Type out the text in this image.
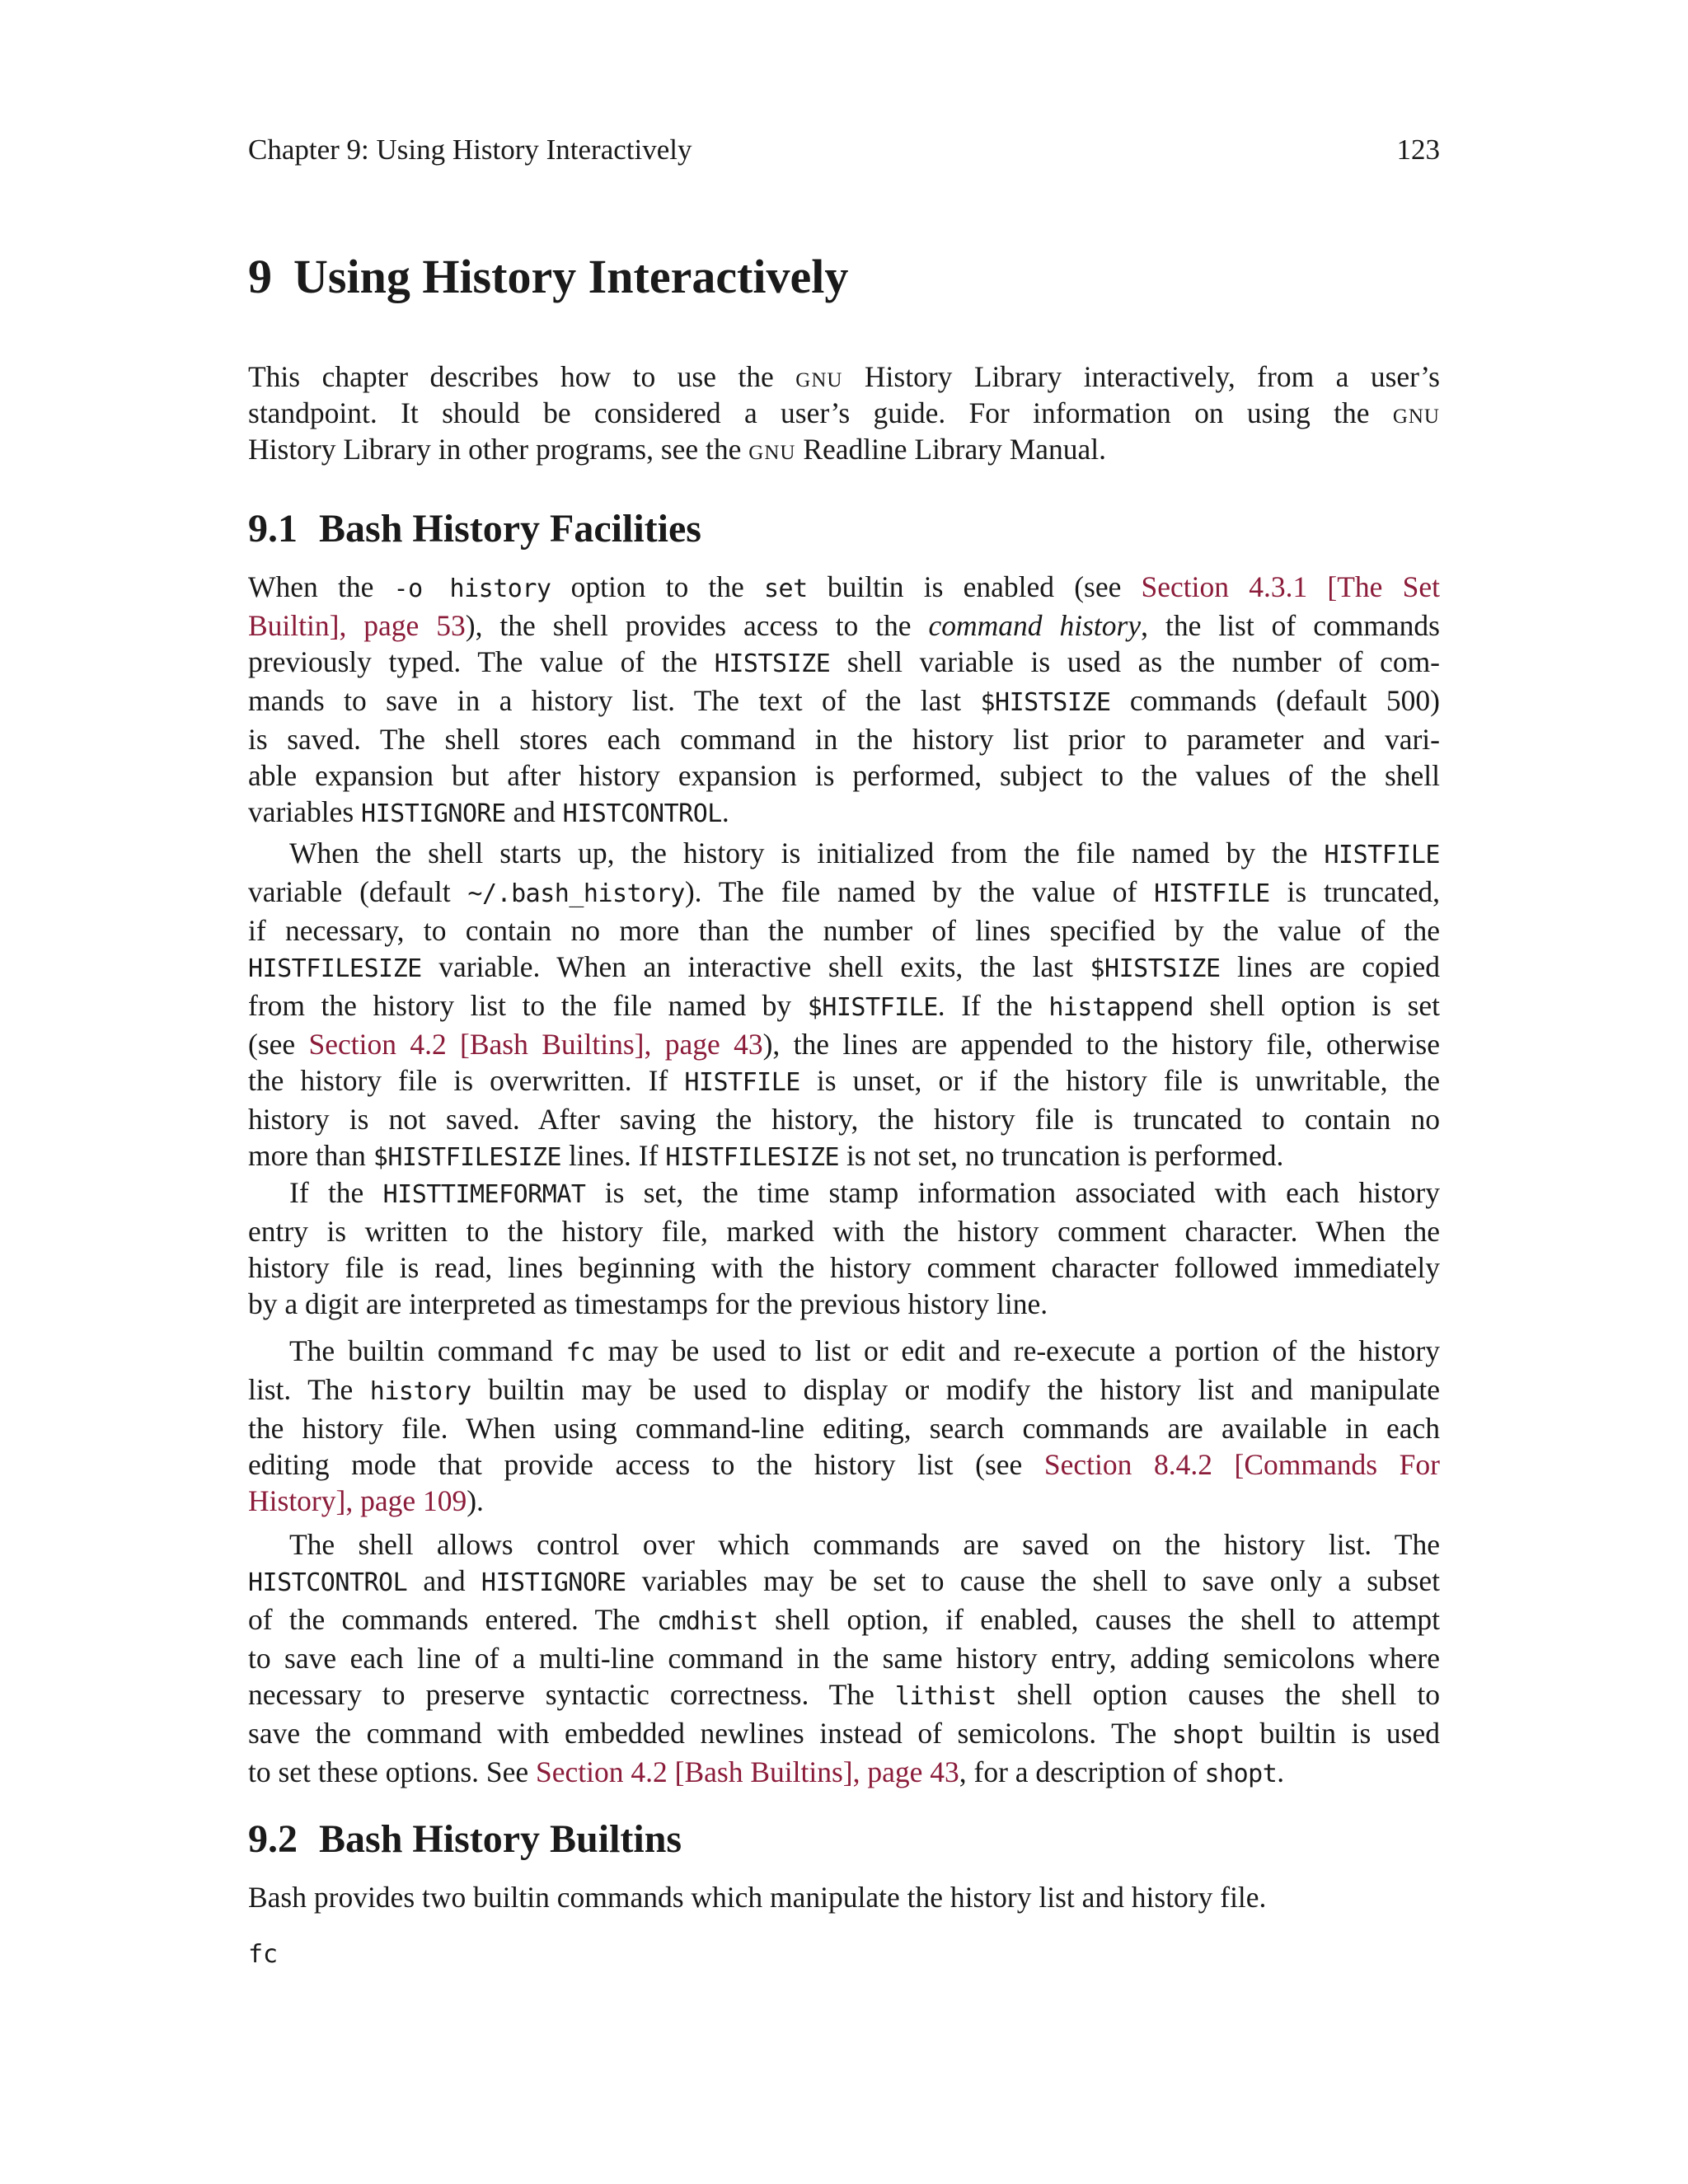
Chapter 9: Using History Interactively	123
9 Using History Interactively
This chapter describes how to use the gnu History Library interactively, from a user’s
standpoint. It should be considered a user’s guide. For information on using the gnu
History Library in other programs, see the gnu Readline Library Manual.
9.1 Bash History Facilities
When the -o history option to the set builtin is enabled (see Section 4.3.1 [The Set
Builtin], page 53), the shell provides access to the command history, the list of commands
previously typed. The value of the HISTSIZE shell variable is used as the number of com-
mands to save in a history list. The text of the last $HISTSIZE commands (default 500)
is saved. The shell stores each command in the history list prior to parameter and vari-
able expansion but after history expansion is performed, subject to the values of the shell
variables HISTIGNORE and HISTCONTROL.
When the shell starts up, the history is initialized from the file named by the HISTFILE
variable (default ~/.bash_history). The file named by the value of HISTFILE is truncated,
if necessary, to contain no more than the number of lines specified by the value of the
HISTFILESIZE variable. When an interactive shell exits, the last $HISTSIZE lines are copied
from the history list to the file named by $HISTFILE. If the histappend shell option is set
(see Section 4.2 [Bash Builtins], page 43), the lines are appended to the history file, otherwise
the history file is overwritten. If HISTFILE is unset, or if the history file is unwritable, the
history is not saved. After saving the history, the history file is truncated to contain no
more than $HISTFILESIZE lines. If HISTFILESIZE is not set, no truncation is performed.
If the HISTTIMEFORMAT is set, the time stamp information associated with each history
entry is written to the history file, marked with the history comment character. When the
history file is read, lines beginning with the history comment character followed immediately
by a digit are interpreted as timestamps for the previous history line.
The builtin command fc may be used to list or edit and re-execute a portion of the history
list. The history builtin may be used to display or modify the history list and manipulate
the history file. When using command-line editing, search commands are available in each
editing mode that provide access to the history list (see Section 8.4.2 [Commands For
History], page 109).
The shell allows control over which commands are saved on the history list. The
HISTCONTROL and HISTIGNORE variables may be set to cause the shell to save only a subset
of the commands entered. The cmdhist shell option, if enabled, causes the shell to attempt
to save each line of a multi-line command in the same history entry, adding semicolons where
necessary to preserve syntactic correctness. The lithist shell option causes the shell to
save the command with embedded newlines instead of semicolons. The shopt builtin is used
to set these options. See Section 4.2 [Bash Builtins], page 43, for a description of shopt.
9.2 Bash History Builtins
Bash provides two builtin commands which manipulate the history list and history file.
fc
